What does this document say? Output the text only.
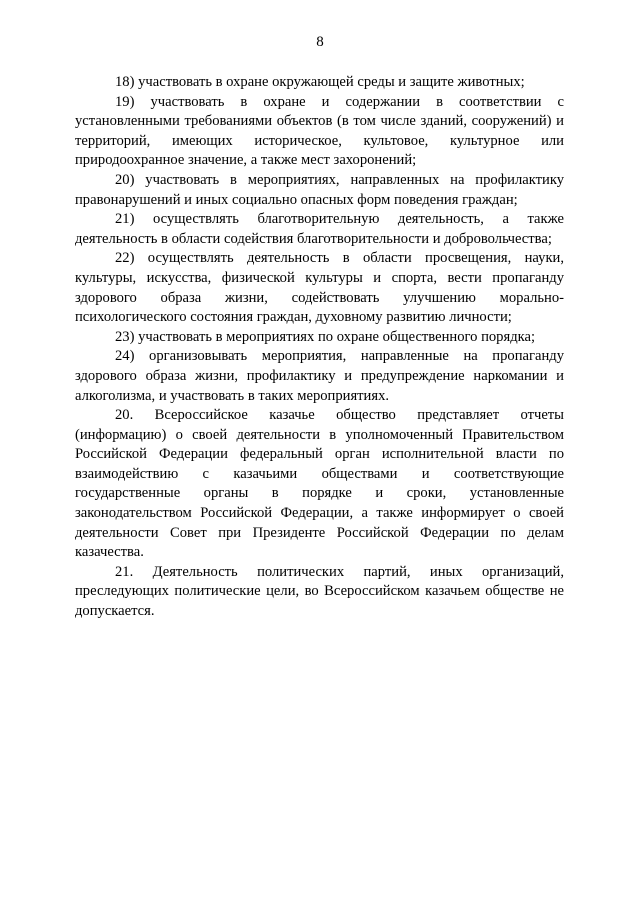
8

18) участвовать в охране окружающей среды и защите животных;

19) участвовать в охране и содержании в соответствии с установленными требованиями объектов (в том числе зданий, сооружений) и территорий, имеющих историческое, культовое, культурное или природоохранное значение, а также мест захоронений;

20) участвовать в мероприятиях, направленных на профилактику правонарушений и иных социально опасных форм поведения граждан;

21) осуществлять благотворительную деятельность, а также деятельность в области содействия благотворительности и добровольчества;

22) осуществлять деятельность в области просвещения, науки, культуры, искусства, физической культуры и спорта, вести пропаганду здорового образа жизни, содействовать улучшению морально-психологического состояния граждан, духовному развитию личности;

23) участвовать в мероприятиях по охране общественного порядка;

24) организовывать мероприятия, направленные на пропаганду здорового образа жизни, профилактику и предупреждение наркомании и алкоголизма, и участвовать в таких мероприятиях.

20. Всероссийское казачье общество представляет отчеты (информацию) о своей деятельности в уполномоченный Правительством Российской Федерации федеральный орган исполнительной власти по взаимодействию с казачьими обществами и соответствующие государственные органы в порядке и сроки, установленные законодательством Российской Федерации, а также информирует о своей деятельности Совет при Президенте Российской Федерации по делам казачества.

21. Деятельность политических партий, иных организаций, преследующих политические цели, во Всероссийском казачьем обществе не допускается.
